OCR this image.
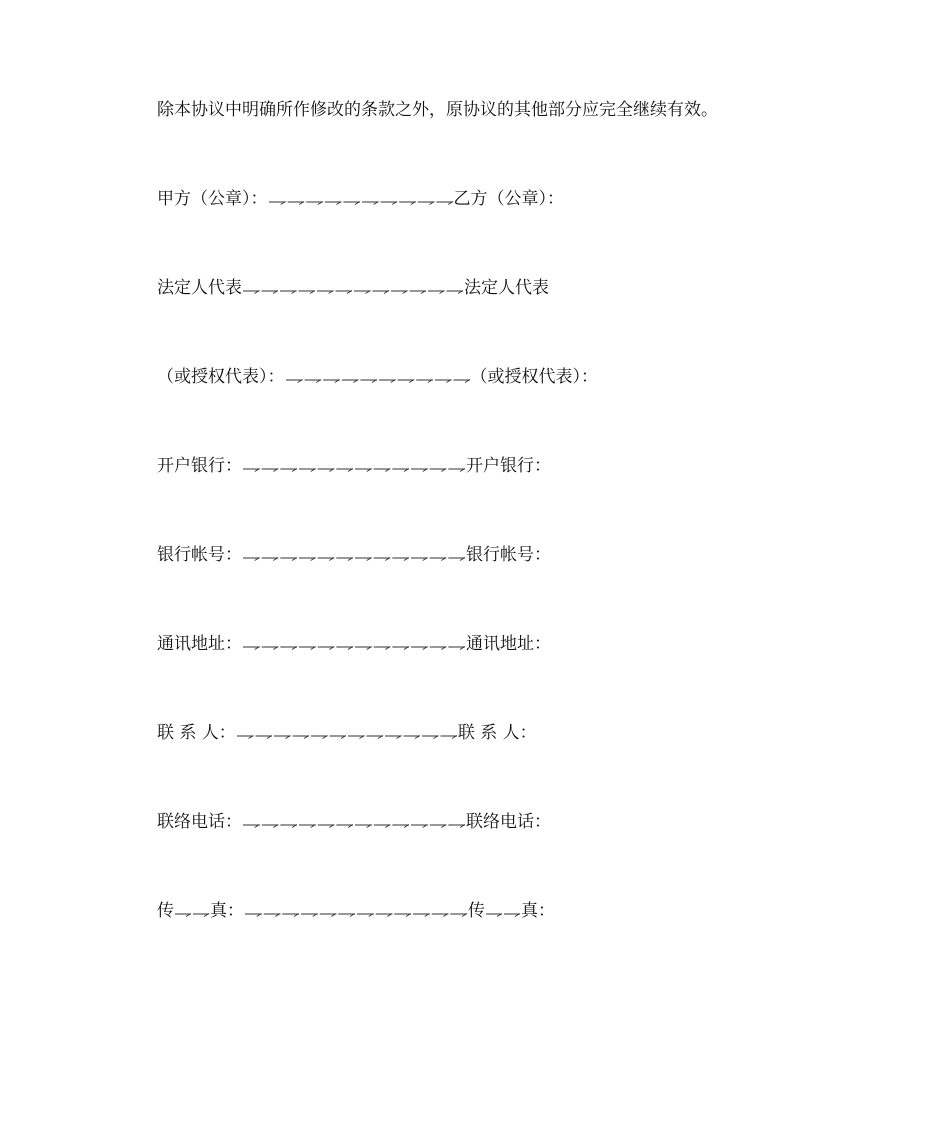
除本协议中明确所作修改的条款之外，原协议的其他部分应完全继续有效。
甲方（公章）：	乙方（公章）：
法定人代表	法定人代表
（或授权代表）：	（或授权代表）：
开户银行：	开户银行：
银行帐号：	银行帐号：
通讯地址：	通讯地址：
联 系 人：	联 系 人：
联络电话：	联络电话：
传 真：	传 真：
